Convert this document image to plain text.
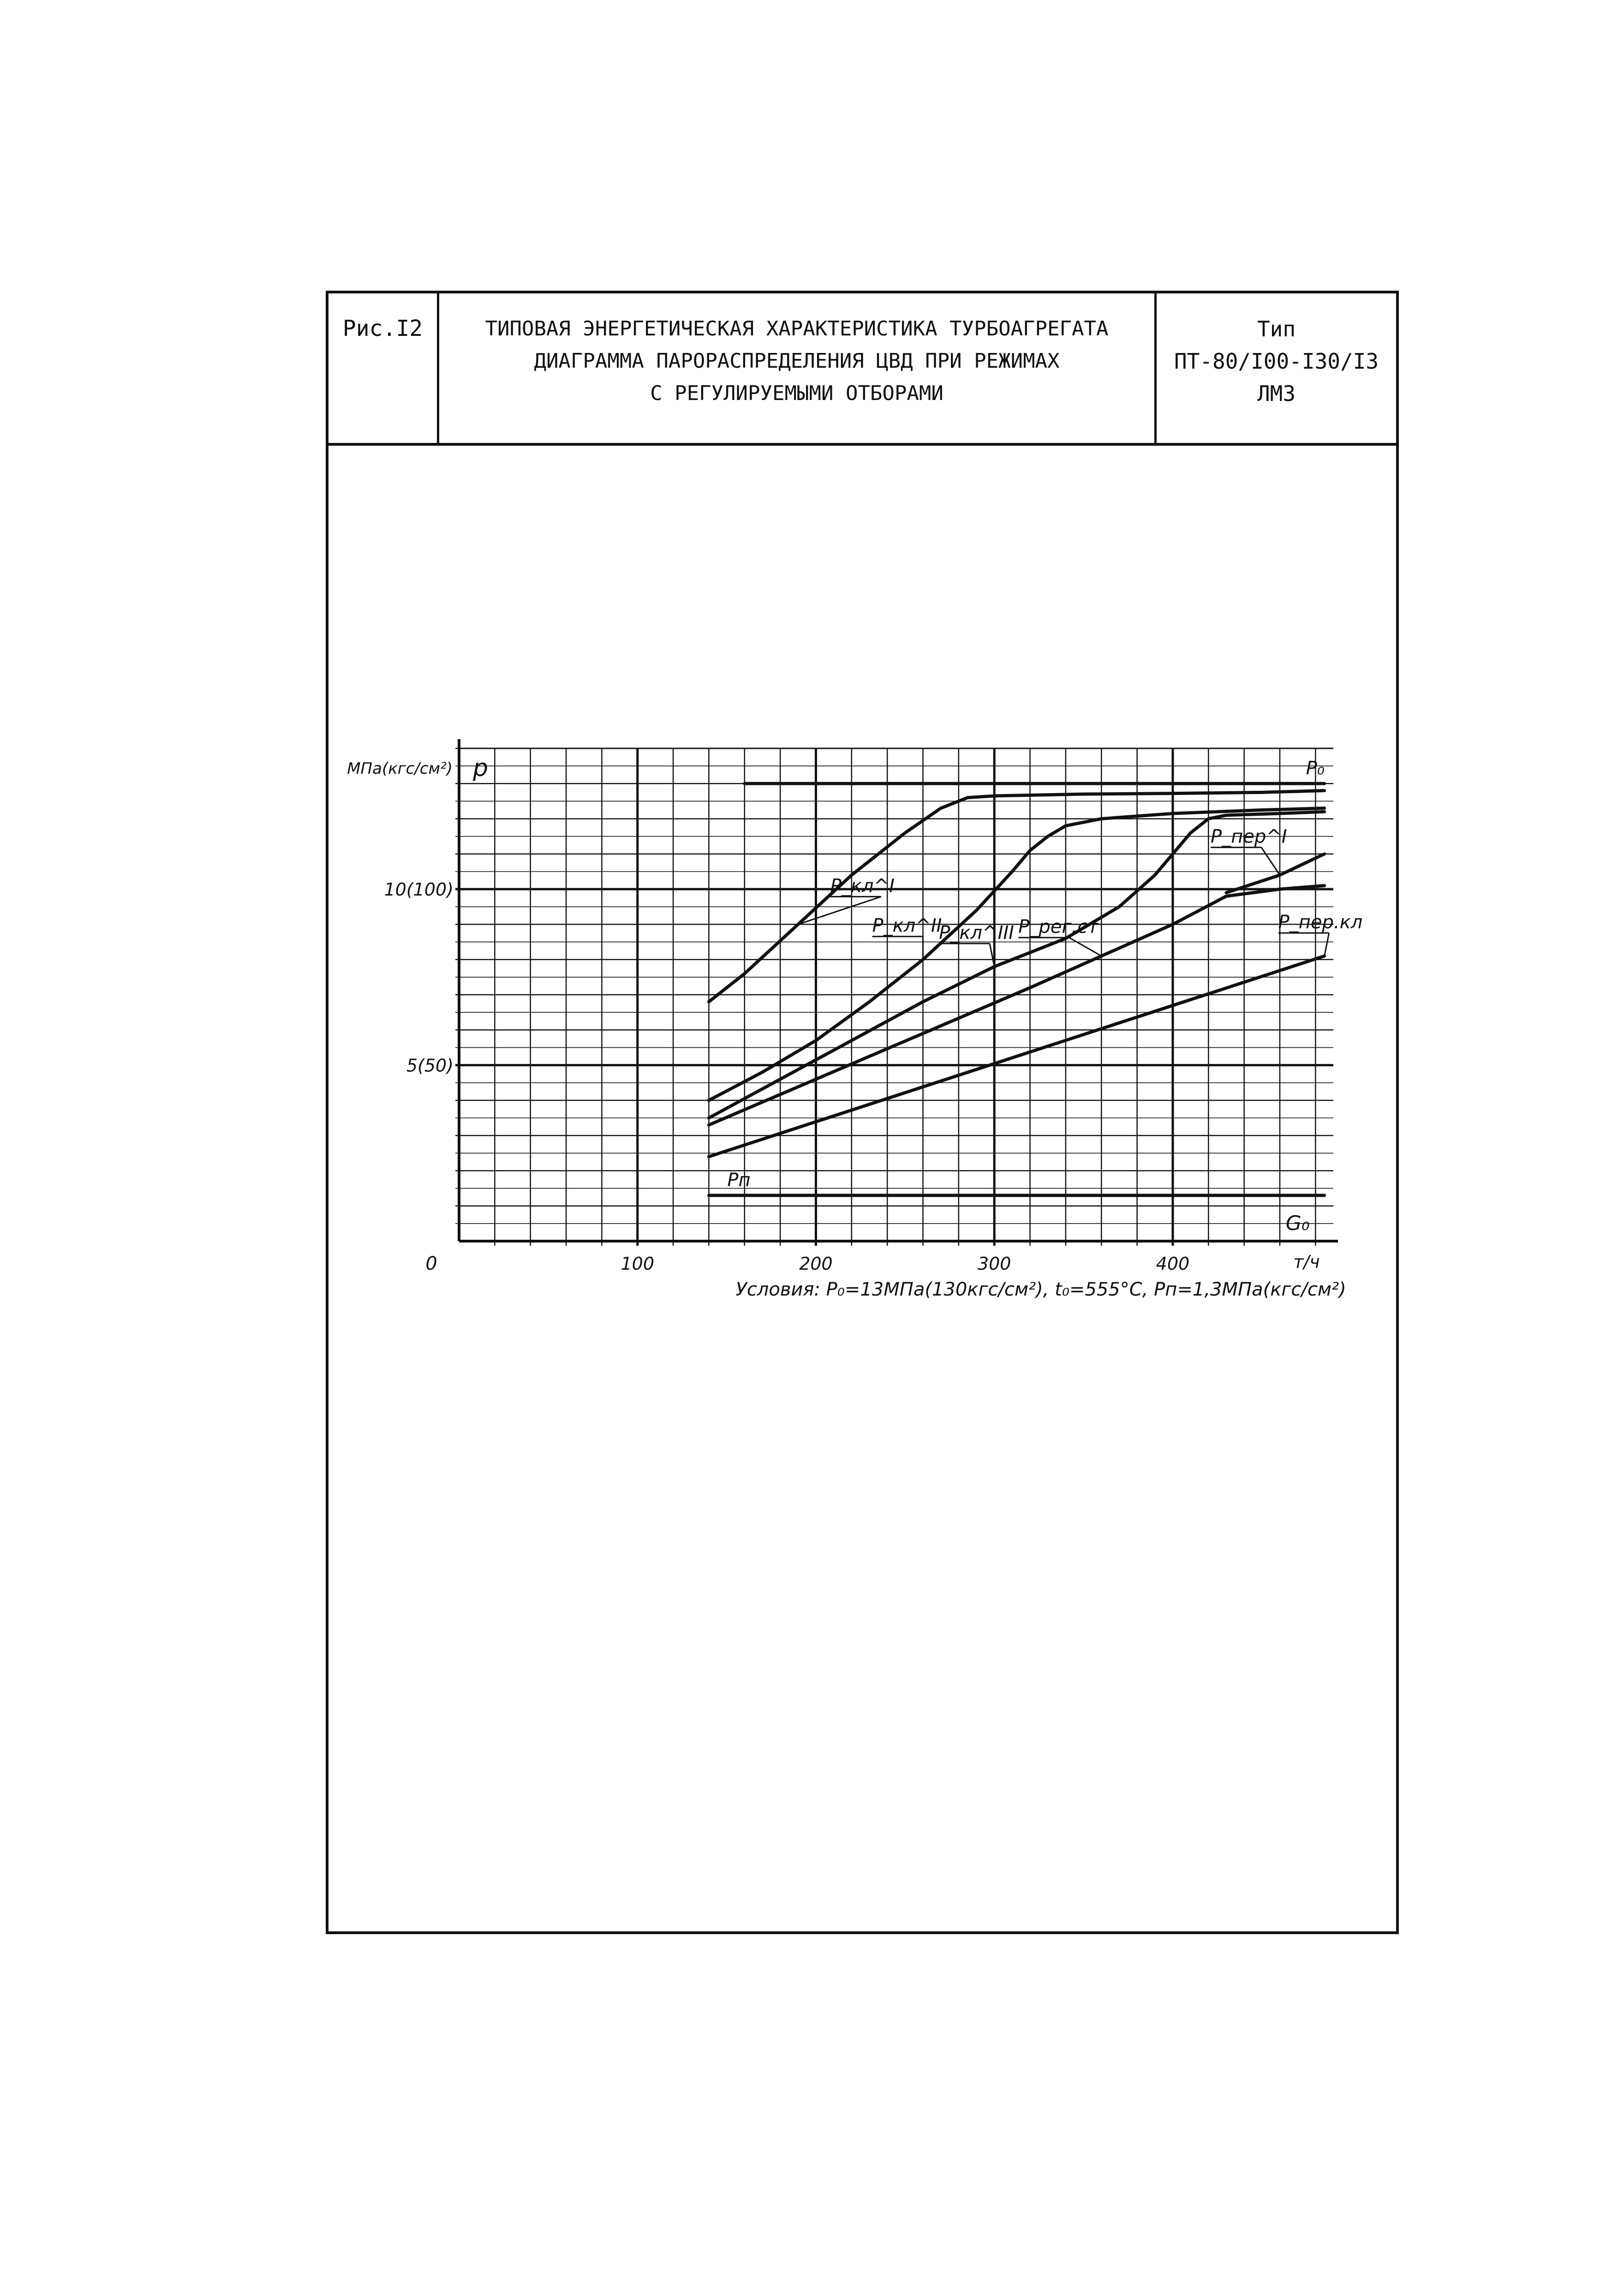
Рис.I2	ТИПОВАЯ ЭНЕРГЕТИЧЕСКАЯ ХАРАКТЕРИСТИКА ТУРБОАГРЕГАТА
ДИАГРАММА ПАРОРАСПРЕДЕЛЕНИЯ ЦВД ПРИ РЕЖИМАХ
С РЕГУЛИРУЕМЫМИ ОТБОРАМИ
Тип
ПТ-80/I00-I30/I3
ЛМЗ
P₀
P_кл^I
P_кл^II
P_кл^III P_рег.ст	P_пер.кл
P_пер^I
Pп
МПа(кгс/см²) p
G₀
т/ч
0
Условия: P₀=13МПа(130кгс/см²), t₀=555°C, Pп=1,3МПа(кгс/см²)
100	200	300	400
5(50)
10(100)
